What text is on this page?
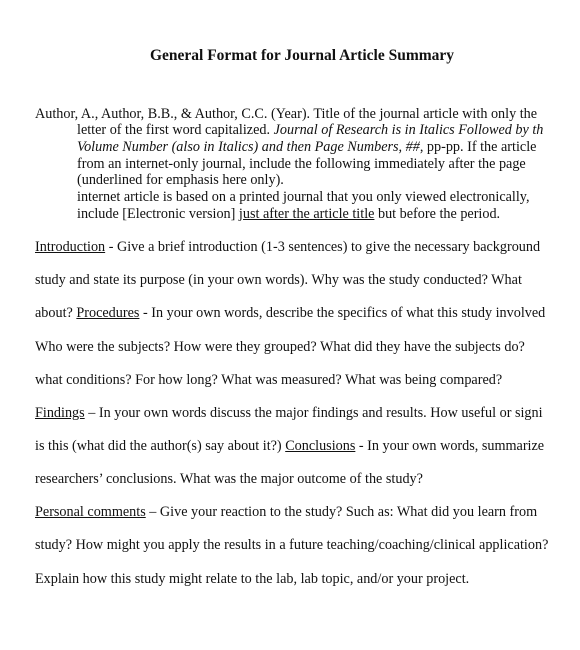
General Format for Journal Article Summary
Author, A., Author, B.B., & Author, C.C. (Year). Title of the journal article with only the
letter of the first word capitalized. Journal of Research is in Italics Followed by th
Volume Number (also in Italics) and then Page Numbers, ##, pp-pp. If the article
from an internet-only journal, include the following immediately after the page
(underlined for emphasis here only).
internet article is based on a printed journal that you only viewed electronically,
include [Electronic version] just after the article title but before the period.
Introduction - Give a brief introduction (1-3 sentences) to give the necessary background
study and state its purpose (in your own words). Why was the study conducted? What
about? Procedures - In your own words, describe the specifics of what this study involved
Who were the subjects? How were they grouped? What did they have the subjects do?
what conditions? For how long? What was measured? What was being compared?
Findings – In your own words discuss the major findings and results. How useful or signi
is this (what did the author(s) say about it?) Conclusions - In your own words, summarize
researchers’ conclusions. What was the major outcome of the study?
Personal comments – Give your reaction to the study? Such as: What did you learn from
study? How might you apply the results in a future teaching/coaching/clinical application?
Explain how this study might relate to the lab, lab topic, and/or your project.
